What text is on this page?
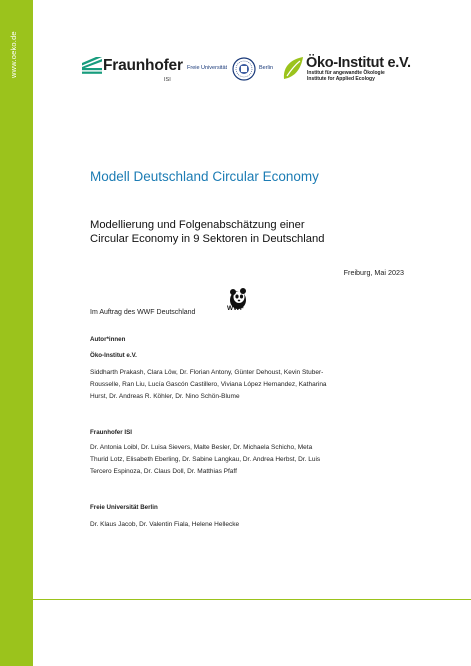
www.oeko.de	Fraunhofer
ISI
Freie Universität	Berlin Öko-Institut e.V.
Institut für angewandte Ökologie
Institute for Applied Ecology
Modell Deutschland Circular Economy
Modellierung und Folgenabschätzung einer Circular Economy in 9 Sektoren in Deutschland
Freiburg, Mai 2023
Im Auftrag des WWF Deutschland
WWF
Autor*innen
Öko-Institut e.V.
Siddharth Prakash, Clara Löw, Dr. Florian Antony, Günter Dehoust, Kevin Stuber-Rousselle, Ran Liu, Lucía Gascón Castillero, Viviana López Hernandez, Katharina Hurst, Dr. Andreas R. Köhler, Dr. Nino Schön-Blume
Fraunhofer ISI
Dr. Antonia Loibl, Dr. Luisa Sievers, Malte Besler, Dr. Michaela Schicho, Meta Thurid Lotz, Elisabeth Eberling, Dr. Sabine Langkau, Dr. Andrea Herbst, Dr. Luis Tercero Espinoza, Dr. Claus Doll, Dr. Matthias Pfaff
Freie Universität Berlin
Dr. Klaus Jacob, Dr. Valentin Fiala, Helene Hellecke
